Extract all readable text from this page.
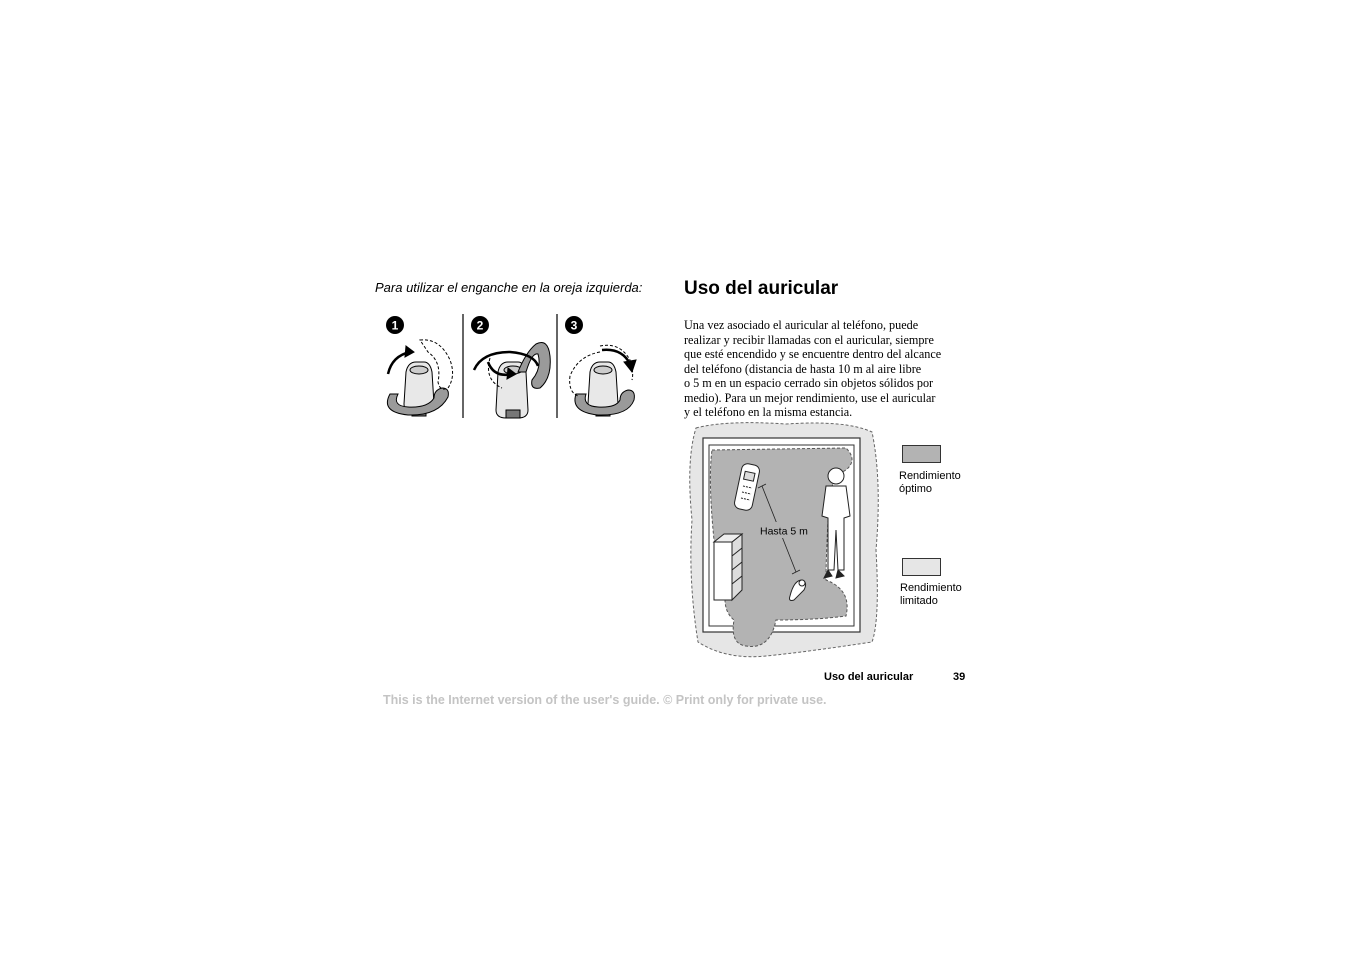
Para utilizar el enganche en la oreja izquierda:
1	2	3
Uso del auricular
Una vez asociado el auricular al teléfono, puede
realizar y recibir llamadas con el auricular, siempre
que esté encendido y se encuentre dentro del alcance
del teléfono (distancia de hasta 10 m al aire libre
o 5 m en un espacio cerrado sin objetos sólidos por
medio). Para un mejor rendimiento, use el auricular
y el teléfono en la misma estancia.
Hasta 5 m
Rendimiento
óptimo
Rendimiento
limitado
Uso del auricular	39
This is the Internet version of the user's guide. © Print only for private use.
